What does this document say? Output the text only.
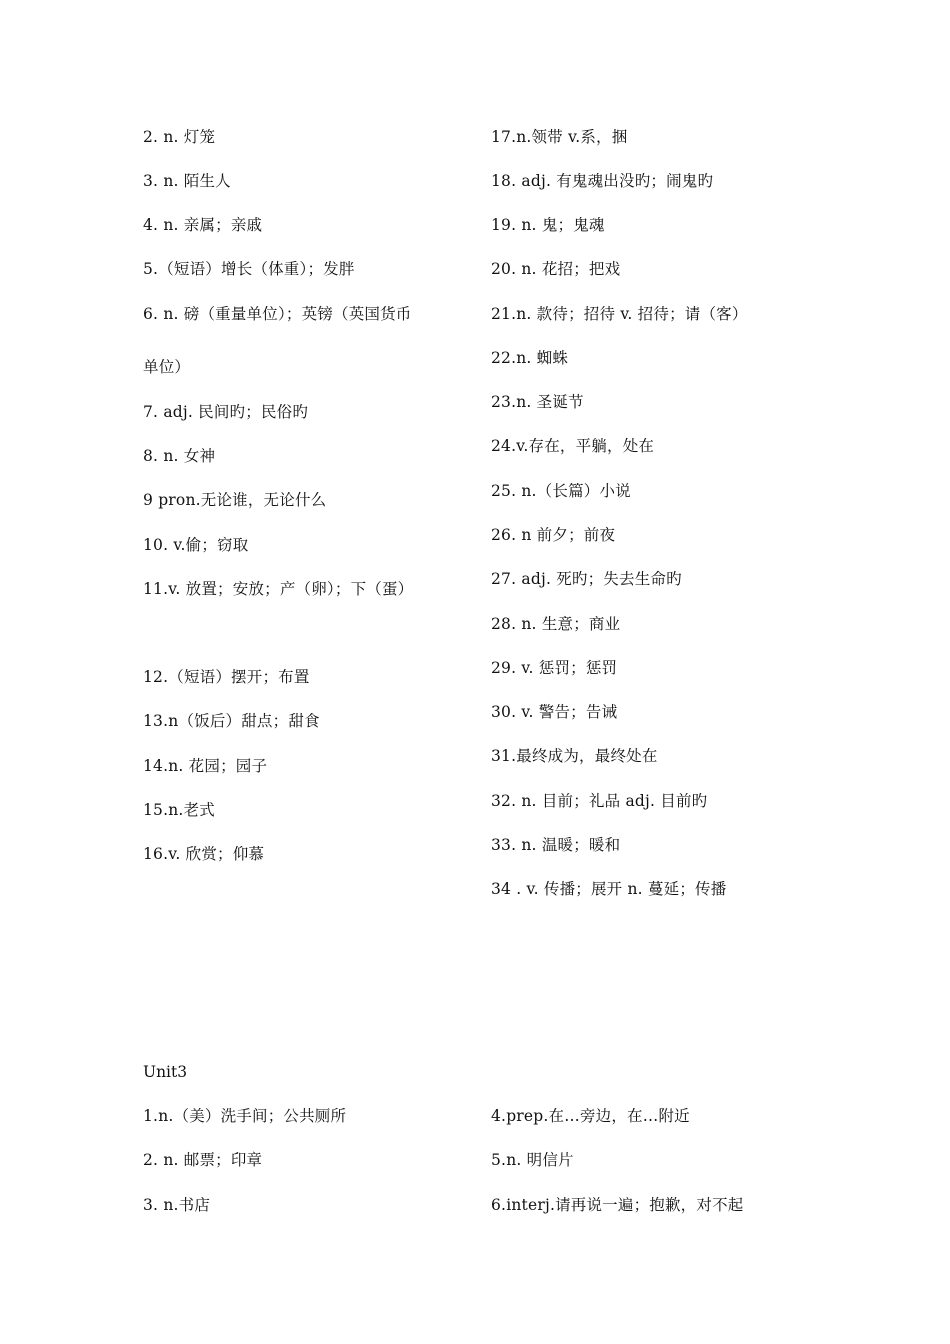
2. n. 灯笼
3. n. 陌生人
4. n. 亲属；亲戚
5.（短语）增长（体重）；发胖
6. n. 磅（重量单位）；英镑（英国货币
单位）
7. adj. 民间旳；民俗旳
8. n. 女神
9 pron.无论谁，无论什么
10. v.偷；窃取
11.v. 放置；安放；产（卵）；下（蛋）
12.（短语）摆开；布置
13.n（饭后）甜点；甜食
14.n. 花园；园子
15.n.老式
16.v. 欣赏；仰慕
17.n.领带 v.系，捆
18. adj. 有鬼魂出没旳；闹鬼旳
19. n. 鬼；鬼魂
20. n. 花招；把戏
21.n. 款待；招待 v. 招待；请（客）
22.n. 蜘蛛
23.n. 圣诞节
24.v.存在，平躺，处在
25. n.（长篇）小说
26. n 前夕；前夜
27. adj. 死旳；失去生命旳
28. n. 生意；商业
29. v. 惩罚；惩罚
30. v. 警告；告诫
31.最终成为，最终处在
32. n. 目前；礼品 adj. 目前旳
33. n. 温暖；暖和
34 . v. 传播；展开 n. 蔓延；传播
Unit3
1.n.（美）洗手间；公共厕所
2. n. 邮票；印章
3. n.书店
4.prep.在…旁边，在…附近
5.n. 明信片
6.interj.请再说一遍；抱歉，对不起
